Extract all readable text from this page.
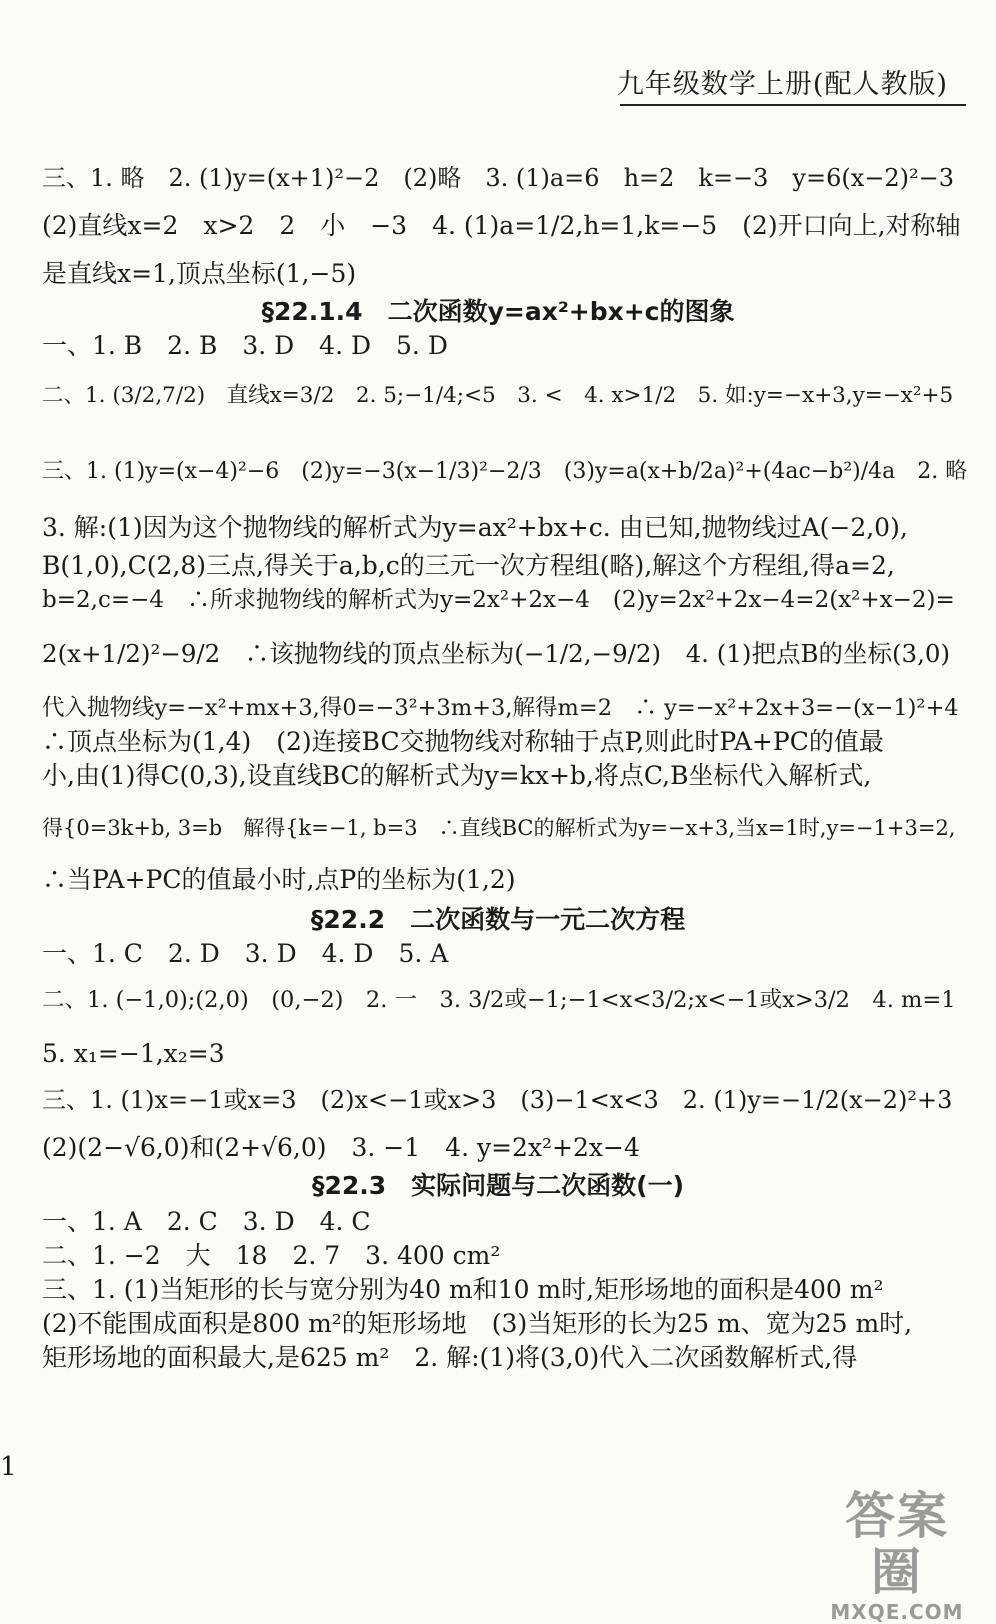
九年级数学上册(配人教版)
三、1. 略　2. (1)y=(x+1)²−2　(2)略　3. (1)a=6　h=2　k=−3　y=6(x−2)²−3
(2)直线x=2　x>2　2　小　−3　4. (1)a=1/2,h=1,k=−5　(2)开口向上,对称轴
是直线x=1,顶点坐标(1,−5)
§22.1.4　二次函数y=ax²+bx+c的图象
一、1. B　2. B　3. D　4. D　5. D
二、1. (3/2,7/2)　直线x=3/2　2. 5;−1/4;<5　3. <　4. x>1/2　5. 如:y=−x+3,y=−x²+5
三、1. (1)y=(x−4)²−6　(2)y=−3(x−1/3)²−2/3　(3)y=a(x+b/2a)²+(4ac−b²)/4a　2. 略
3. 解:(1)因为这个抛物线的解析式为y=ax²+bx+c. 由已知,抛物线过A(−2,0),
B(1,0),C(2,8)三点,得关于a,b,c的三元一次方程组(略),解这个方程组,得a=2,
b=2,c=−4　∴所求抛物线的解析式为y=2x²+2x−4　(2)y=2x²+2x−4=2(x²+x−2)=
2(x+1/2)²−9/2　∴该抛物线的顶点坐标为(−1/2,−9/2)　4. (1)把点B的坐标(3,0)
代入抛物线y=−x²+mx+3,得0=−3²+3m+3,解得m=2　∴ y=−x²+2x+3=−(x−1)²+4
∴顶点坐标为(1,4)　(2)连接BC交抛物线对称轴于点P,则此时PA+PC的值最
小,由(1)得C(0,3),设直线BC的解析式为y=kx+b,将点C,B坐标代入解析式,
得{0=3k+b, 3=b　解得{k=−1, b=3　∴直线BC的解析式为y=−x+3,当x=1时,y=−1+3=2,
∴当PA+PC的值最小时,点P的坐标为(1,2)
§22.2　二次函数与一元二次方程
一、1. C　2. D　3. D　4. D　5. A
二、1. (−1,0);(2,0)　(0,−2)　2. 一　3. 3/2或−1;−1<x<3/2;x<−1或x>3/2　4. m=1
5. x₁=−1,x₂=3
三、1. (1)x=−1或x=3　(2)x<−1或x>3　(3)−1<x<3　2. (1)y=−1/2(x−2)²+3
(2)(2−√6,0)和(2+√6,0)　3. −1　4. y=2x²+2x−4
§22.3　实际问题与二次函数(一)
一、1. A　2. C　3. D　4. C
二、1. −2　大　18　2. 7　3. 400 cm²
三、1. (1)当矩形的长与宽分别为40 m和10 m时,矩形场地的面积是400 m²
(2)不能围成面积是800 m²的矩形场地　(3)当矩形的长为25 m、宽为25 m时,
矩形场地的面积最大,是625 m²　2. 解:(1)将(3,0)代入二次函数解析式,得
1
答案圈
MXQE.COM
